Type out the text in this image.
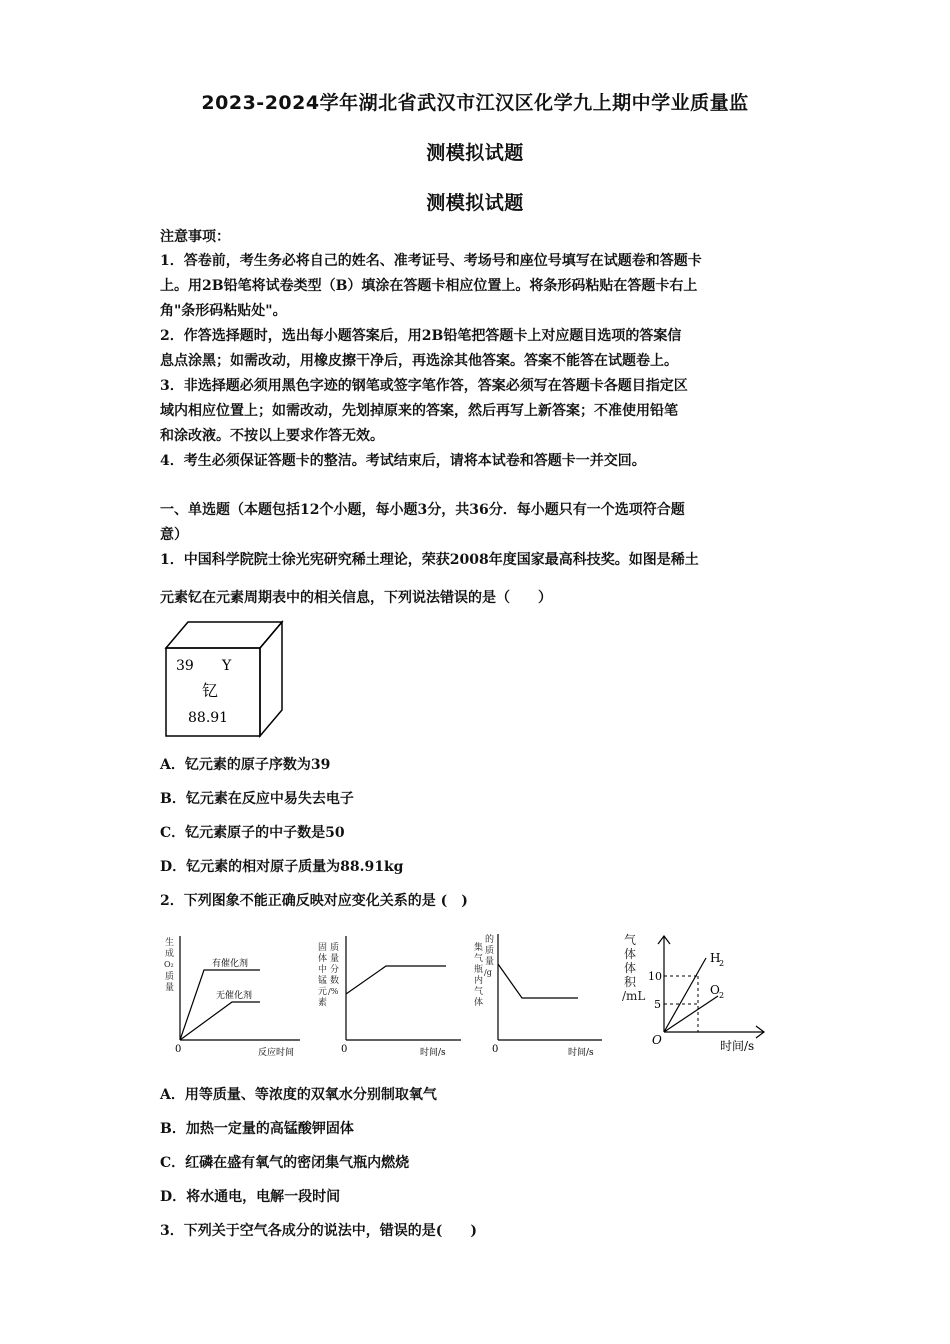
2023-2024学年湖北省武汉市江汉区化学九上期中学业质量监
测模拟试题
测模拟试题
注意事项：
1．答卷前，考生务必将自己的姓名、准考证号、考场号和座位号填写在试题卷和答题卡
上。用2B铅笔将试卷类型（B）填涂在答题卡相应位置上。将条形码粘贴在答题卡右上
角"条形码粘贴处"。
2．作答选择题时，选出每小题答案后，用2B铅笔把答题卡上对应题目选项的答案信
息点涂黑；如需改动，用橡皮擦干净后，再选涂其他答案。答案不能答在试题卷上。
3．非选择题必须用黑色字迹的钢笔或签字笔作答，答案必须写在答题卡各题目指定区
域内相应位置上；如需改动，先划掉原来的答案，然后再写上新答案；不准使用铅笔
和涂改液。不按以上要求作答无效。
4．考生必须保证答题卡的整洁。考试结束后，请将本试卷和答题卡一并交回。
一、单选题（本题包括12个小题，每小题3分，共36分．每小题只有一个选项符合题
意）
1．中国科学院院士徐光宪研究稀土理论，荣获2008年度国家最高科技奖。如图是稀土
元素钇在元素周期表中的相关信息，下列说法错误的是（　　）
39 Y
钇
88.91
A．钇元素的原子序数为39
B．钇元素在反应中易失去电子
C．钇元素原子的中子数是50
D．钇元素的相对原子质量为88.91kg
2．下列图象不能正确反映对应变化关系的是 (　)
生
成
O₂
质
量
有催化剂
无催化剂
0	反应时间
固
体
中
锰
元
素
质
量
分
数
/%
0	时间/s
集
气
瓶
内
气
体
的
质
量
/g
0	时间/s
气
体
体
积
/mL
10
5
H
2
O 2
O	时间/s
A．用等质量、等浓度的双氧水分别制取氧气
B．加热一定量的高锰酸钾固体
C．红磷在盛有氧气的密闭集气瓶内燃烧
D．将水通电，电解一段时间
3．下列关于空气各成分的说法中，错误的是(　　)
